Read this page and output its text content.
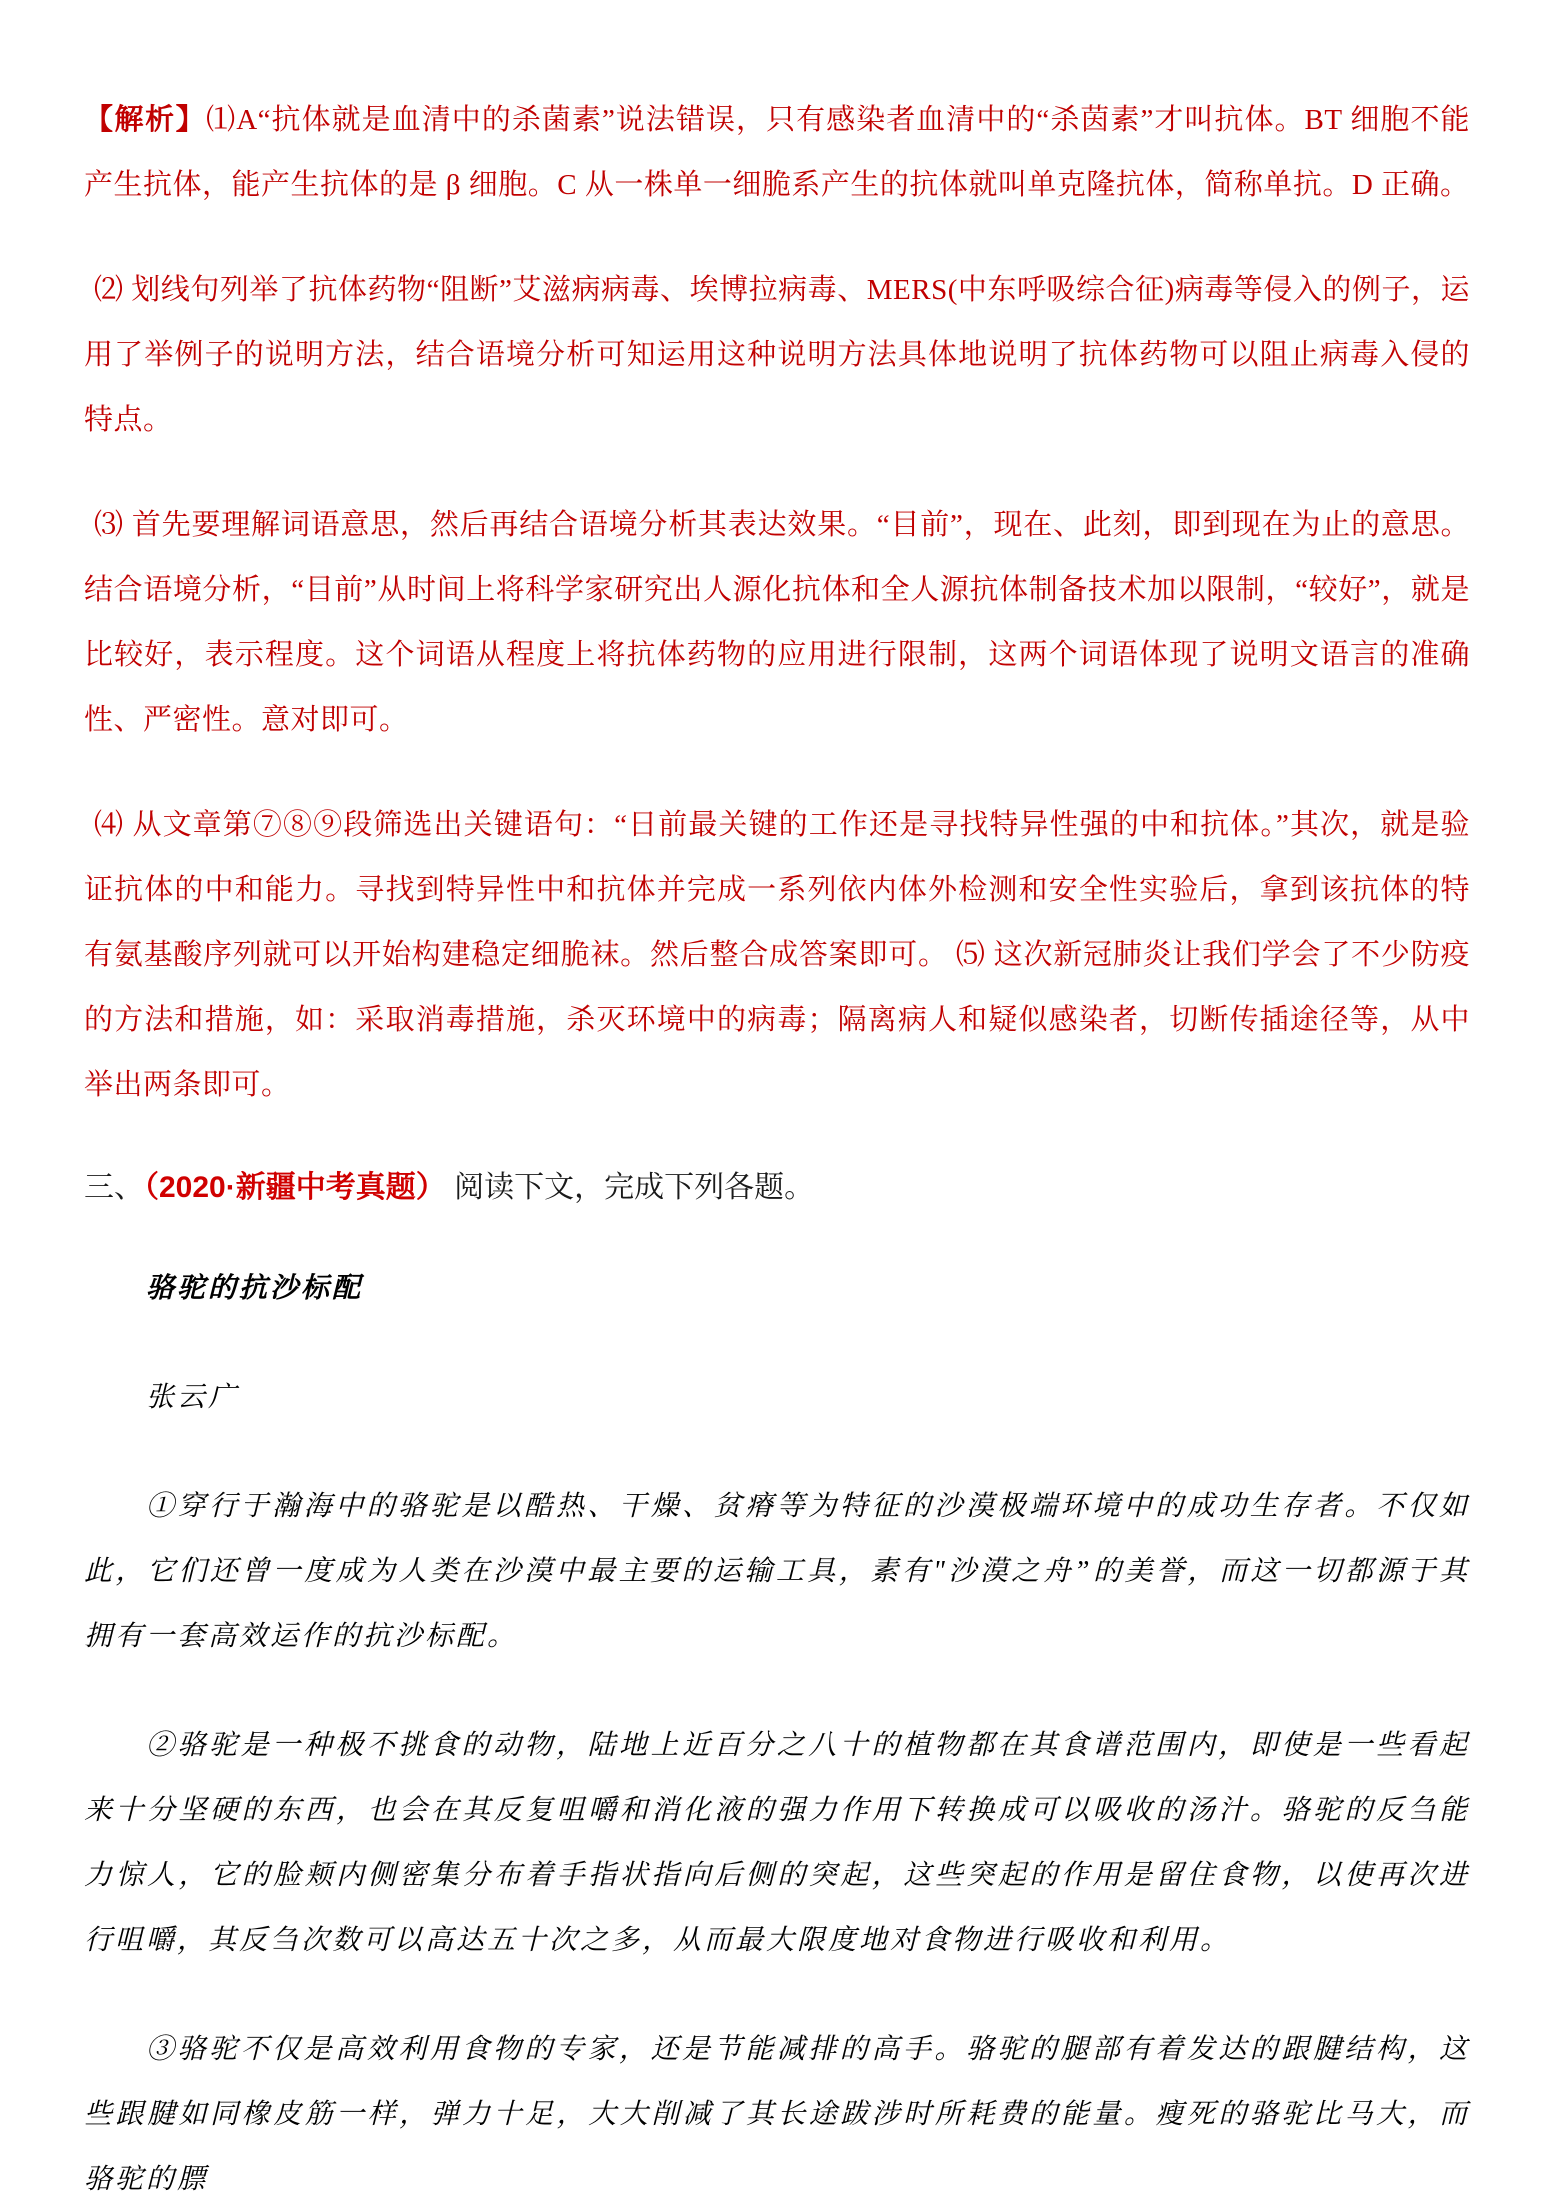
【解析】⑴A“抗体就是血清中的杀菌素”说法错误，只有感染者血清中的“杀茵素”才叫抗体。BT 细胞不能产生抗体，能产生抗体的是 β 细胞。C 从一株单一细脆系产生的抗体就叫单克隆抗体，简称单抗。D 正确。

⑵ 划线句列举了抗体药物“阻断”艾滋病病毒、埃博拉病毒、MERS(中东呼吸综合征)病毒等侵入的例子，运用了举例子的说明方法，结合语境分析可知运用这种说明方法具体地说明了抗体药物可以阻止病毒入侵的特点。

⑶ 首先要理解词语意思，然后再结合语境分析其表达效果。“目前”，现在、此刻，即到现在为止的意思。结合语境分析，“目前”从时间上将科学家研究出人源化抗体和全人源抗体制备技术加以限制，“较好”，就是比较好，表示程度。这个词语从程度上将抗体药物的应用进行限制，这两个词语体现了说明文语言的准确性、严密性。意对即可。

⑷ 从文章第⑦⑧⑨段筛选出关键语句：“日前最关键的工作还是寻找特异性强的中和抗体。”其次，就是验证抗体的中和能力。寻找到特异性中和抗体并完成一系列依内体外检测和安全性实验后，拿到该抗体的特有氨基酸序列就可以开始构建稳定细脆袜。然后整合成答案即可。 ⑸ 这次新冠肺炎让我们学会了不少防疫的方法和措施，如：采取消毒措施，杀灭环境中的病毒；隔离病人和疑似感染者，切断传插途径等，从中举出两条即可。

三、（2020·新疆中考真题） 阅读下文，完成下列各题。

骆驼的抗沙标配

张云广

①穿行于瀚海中的骆驼是以酷热、干燥、贫瘠等为特征的沙漠极端环境中的成功生存者。不仅如此，它们还曾一度成为人类在沙漠中最主要的运输工具，素有"沙漠之舟”的美誉，而这一切都源于其拥有一套高效运作的抗沙标配。

②骆驼是一种极不挑食的动物，陆地上近百分之八十的植物都在其食谱范围内，即使是一些看起来十分坚硬的东西，也会在其反复咀嚼和消化液的强力作用下转换成可以吸收的汤汁。骆驼的反刍能力惊人，它的脸颊内侧密集分布着手指状指向后侧的突起，这些突起的作用是留住食物，以使再次进行咀嚼，其反刍次数可以高达五十次之多，从而最大限度地对食物进行吸收和利用。

③骆驼不仅是高效利用食物的专家，还是节能减排的高手。骆驼的腿部有着发达的跟腱结构，这些跟腱如同橡皮筋一样，弹力十足，大大削减了其长途跋涉时所耗费的能量。瘦死的骆驼比马大，而骆驼的膘
